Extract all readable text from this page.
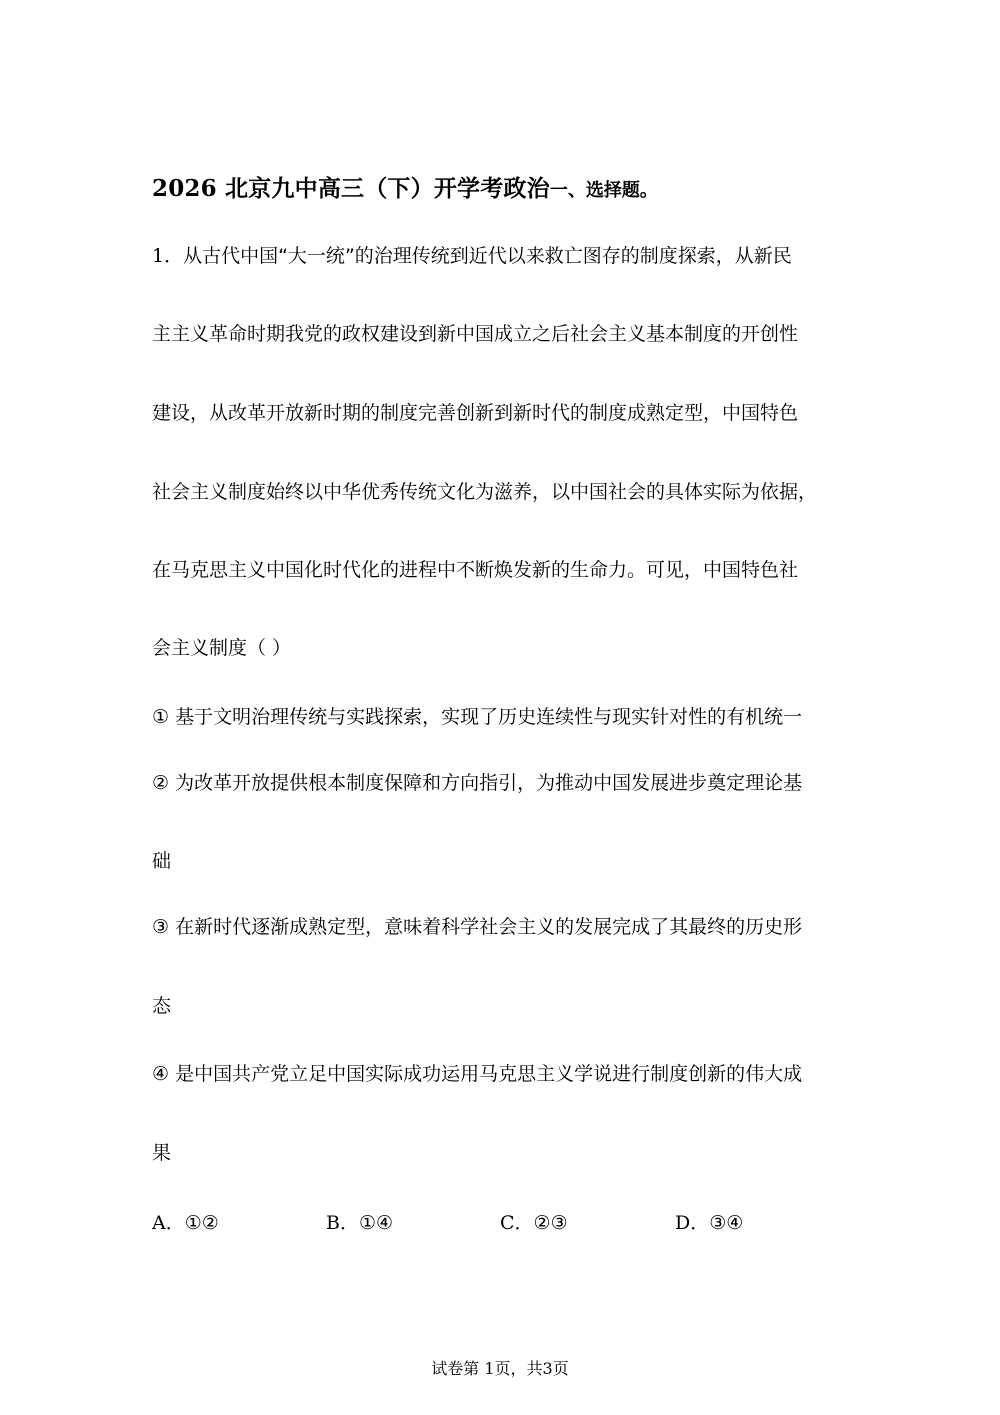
2026 北京九中高三（下）开学考政治一、选择题。
1．从古代中国“大一统”的治理传统到近代以来救亡图存的制度探索，从新民
主主义革命时期我党的政权建设到新中国成立之后社会主义基本制度的开创性
建设，从改革开放新时期的制度完善创新到新时代的制度成熟定型，中国特色
社会主义制度始终以中华优秀传统文化为滋养，以中国社会的具体实际为依据，
在马克思主义中国化时代化的进程中不断焕发新的生命力。可见，中国特色社
会主义制度（ ）
① 基于文明治理传统与实践探索，实现了历史连续性与现实针对性的有机统一
② 为改革开放提供根本制度保障和方向指引，为推动中国发展进步奠定理论基
础
③ 在新时代逐渐成熟定型，意味着科学社会主义的发展完成了其最终的历史形
态
④ 是中国共产党立足中国实际成功运用马克思主义学说进行制度创新的伟大成
果
A．①②	B．①④	C．②③	D．③④
试卷第 1页，共3页
